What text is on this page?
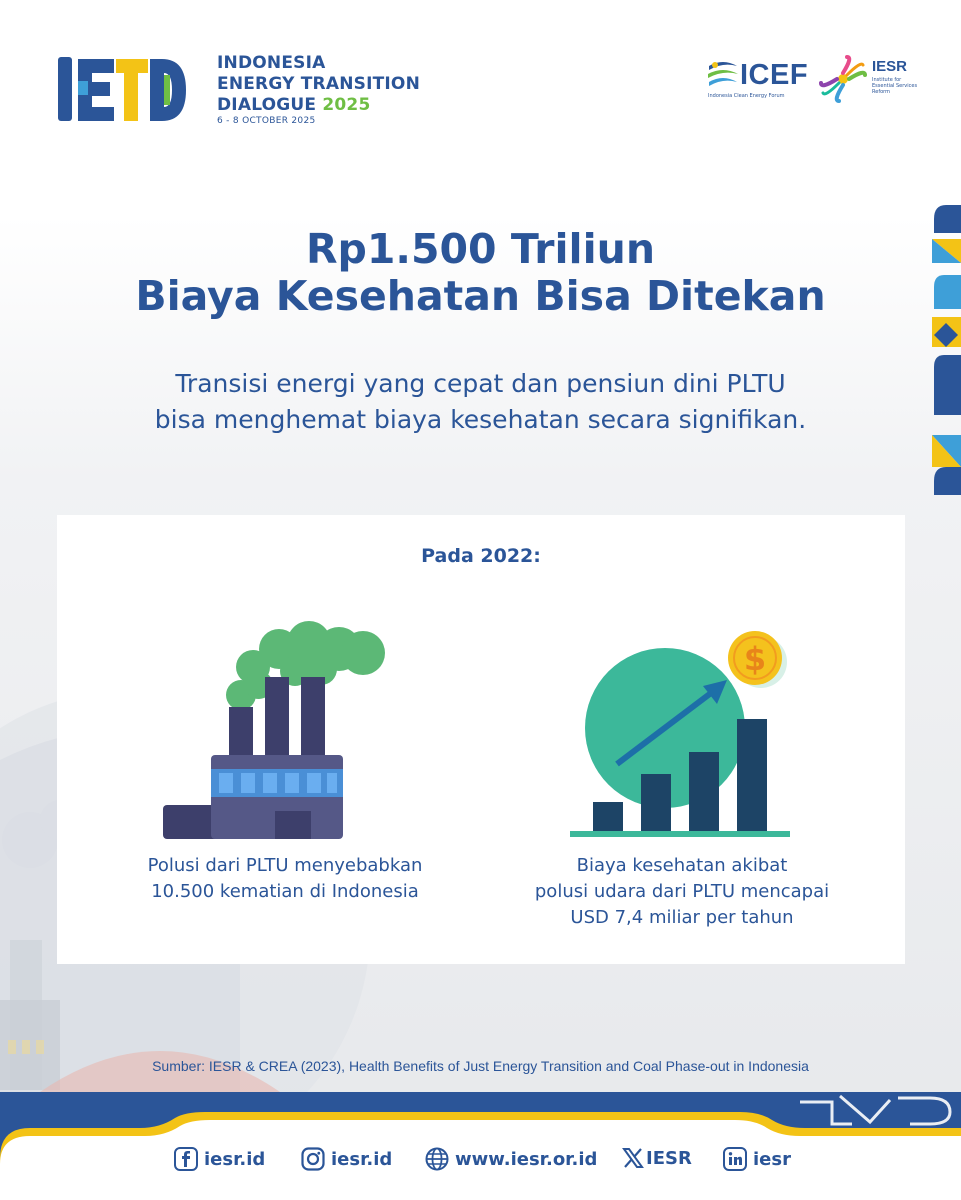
INDONESIA
ENERGY TRANSITION
DIALOGUE 2025
6 - 8 OCTOBER 2025
ICEF
Indonesia Clean Energy Forum
IESR
Institute for Essential Services Reform
Rp1.500 Triliun
Biaya Kesehatan Bisa Ditekan
Transisi energi yang cepat dan pensiun dini PLTU
bisa menghemat biaya kesehatan secara signifikan.
Pada 2022:
$
Polusi dari PLTU menyebabkan
10.500 kematian di Indonesia
Biaya kesehatan akibat
polusi udara dari PLTU mencapai
USD 7,4 miliar per tahun
Sumber: IESR & CREA (2023), Health Benefits of Just Energy Transition and Coal Phase-out in Indonesia
iesr.id	iesr.id	www.iesr.or.id	IESR	iesr
